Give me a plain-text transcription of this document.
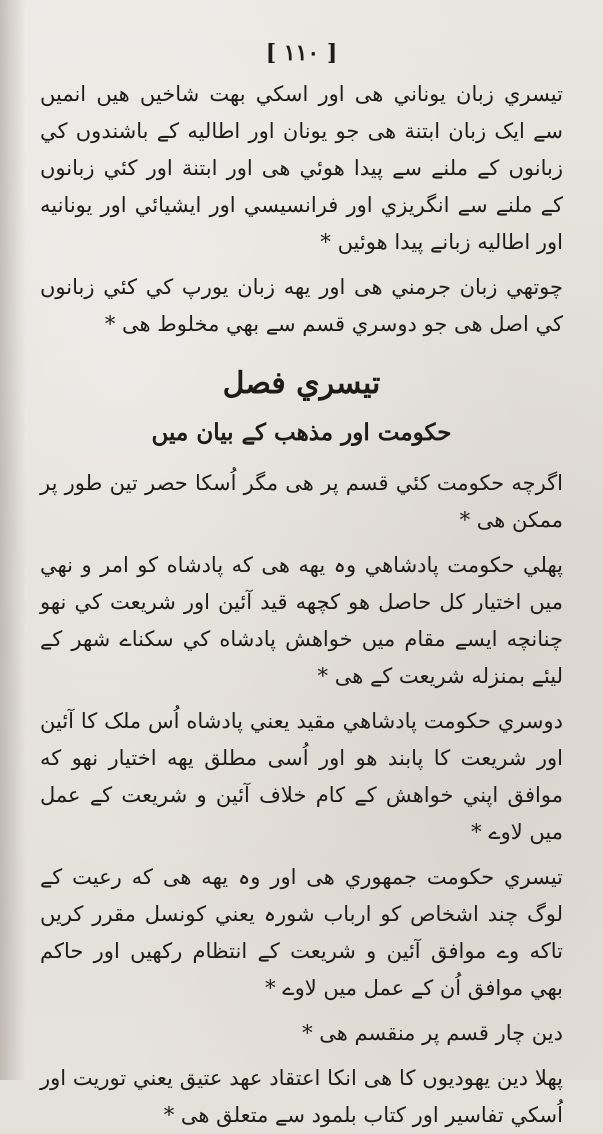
[ ۱۱۰ ]

تیسري زبان يوناني هی اور اسکي بهت شاخیں هیں انمیں سے ایک زبان ابتنة هی جو یونان اور اطالیه کے باشندوں کي زبانوں کے ملنے سے پیدا هوئي هی اور ابتنة اور کئي زبانوں کے ملنے سے انگریزي اور فرانسیسي اور ایشیائي اور یونانیه اور اطالیه زبانے پیدا هوئیں *

چوتھي زبان جرمني هی اور یهه زبان یورپ کي کئي زبانوں کي اصل هی جو دوسري قسم سے بهي مخلوط هی *

تیسري فصل
حکومت اور مذهب کے بیان میں

اگرچه حکومت کئي قسم پر هی مگر اُسکا حصر تین طور پر ممکن هی *

پهلي حکومت پادشاهي وہ یهه هی که پادشاه کو امر و نهي میں اختیار کل حاصل هو کچهه قید آئین اور شریعت کي نهو چنانچه ایسے مقام میں خواهش پادشاه کي سکناے شهر کے لیئے بمنزله شریعت کے هی *

دوسري حکومت پادشاهي مقید یعني پادشاه اُس ملک کا آئین اور شریعت کا پابند هو اور اُسی مطلق یهه اختیار نهو که موافق اپني خواهش کے کام خلاف آئین و شریعت کے عمل میں لاوے *

تیسري حکومت جمهوري هی اور وہ یهه هی که رعیت کے لوگ چند اشخاص کو ارباب شورہ یعني کونسل مقرر کریں تاکه وے موافق آئین و شریعت کے انتظام رکهیں اور حاکم بهي موافق اُن کے عمل میں لاوے *

دین چار قسم پر منقسم هی *

پهلا دین یهودیوں کا هی انکا اعتقاد عهد عتیق یعني توریت اور اُسکي تفاسیر اور کتاب بلمود سے متعلق هی *
